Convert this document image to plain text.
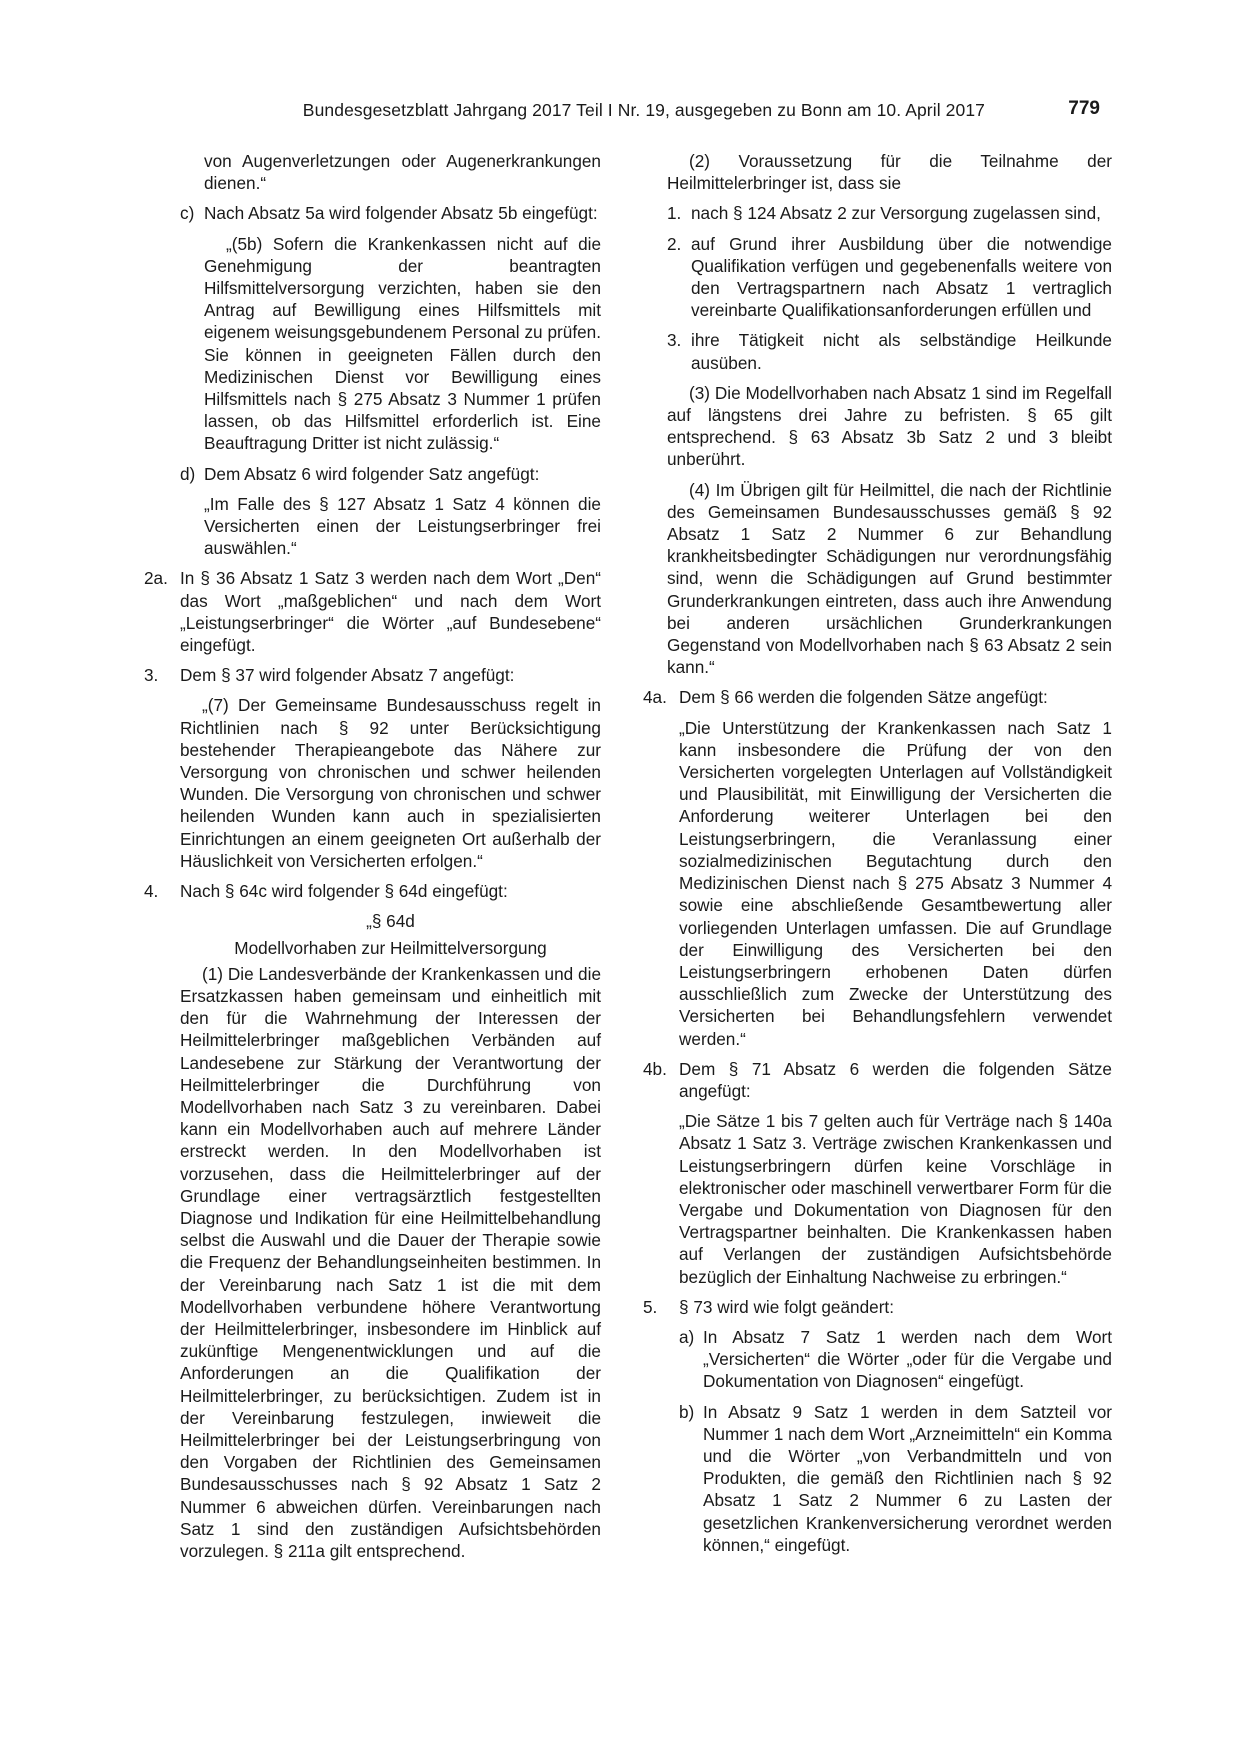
Bundesgesetzblatt Jahrgang 2017 Teil I Nr. 19, ausgegeben zu Bonn am 10. April 2017	779

von Augenverletzungen oder Augenerkrankungen dienen.“

c) Nach Absatz 5a wird folgender Absatz 5b eingefügt:

„(5b) Sofern die Krankenkassen nicht auf die Genehmigung der beantragten Hilfsmittelversorgung verzichten, haben sie den Antrag auf Bewilligung eines Hilfsmittels mit eigenem weisungsgebundenem Personal zu prüfen. Sie können in geeigneten Fällen durch den Medizinischen Dienst vor Bewilligung eines Hilfsmittels nach § 275 Absatz 3 Nummer 1 prüfen lassen, ob das Hilfsmittel erforderlich ist. Eine Beauftragung Dritter ist nicht zulässig.“

d) Dem Absatz 6 wird folgender Satz angefügt:

„Im Falle des § 127 Absatz 1 Satz 4 können die Versicherten einen der Leistungserbringer frei auswählen.“

2a. In § 36 Absatz 1 Satz 3 werden nach dem Wort „Den“ das Wort „maßgeblichen“ und nach dem Wort „Leistungserbringer“ die Wörter „auf Bundesebene“ eingefügt.
3.	Dem § 37 wird folgender Absatz 7 angefügt:

„(7) Der Gemeinsame Bundesausschuss regelt in Richtlinien nach § 92 unter Berücksichtigung bestehender Therapieangebote das Nähere zur Versorgung von chronischen und schwer heilenden Wunden. Die Versorgung von chronischen und schwer heilenden Wunden kann auch in spezialisierten Einrichtungen an einem geeigneten Ort außerhalb der Häuslichkeit von Versicherten erfolgen.“

4.	Nach § 64c wird folgender § 64d eingefügt:

„§ 64d

Modellvorhaben zur Heilmittelversorgung

(1) Die Landesverbände der Krankenkassen und die Ersatzkassen haben gemeinsam und einheitlich mit den für die Wahrnehmung der Interessen der Heilmittelerbringer maßgeblichen Verbänden auf Landesebene zur Stärkung der Verantwortung der Heilmittelerbringer die Durchführung von Modellvorhaben nach Satz 3 zu vereinbaren. Dabei kann ein Modellvorhaben auch auf mehrere Länder erstreckt werden. In den Modellvorhaben ist vorzusehen, dass die Heilmittelerbringer auf der Grundlage einer vertragsärztlich festgestellten Diagnose und Indikation für eine Heilmittelbehandlung selbst die Auswahl und die Dauer der Therapie sowie die Frequenz der Behandlungseinheiten bestimmen. In der Vereinbarung nach Satz 1 ist die mit dem Modellvorhaben verbundene höhere Verantwortung der Heilmittelerbringer, insbesondere im Hinblick auf zukünftige Mengenentwicklungen und auf die Anforderungen an die Qualifikation der Heilmittelerbringer, zu berücksichtigen. Zudem ist in der Vereinbarung festzulegen, inwieweit die Heilmittelerbringer bei der Leistungserbringung von den Vorgaben der Richtlinien des Gemeinsamen Bundesausschusses nach § 92 Absatz 1 Satz 2 Nummer 6 abweichen dürfen. Vereinbarungen nach Satz 1 sind den zuständigen Aufsichtsbehörden vorzulegen. § 211a gilt entsprechend.

(2) Voraussetzung für die Teilnahme der Heilmittelerbringer ist, dass sie

1. nach § 124 Absatz 2 zur Versorgung zugelassen sind,
2. auf Grund ihrer Ausbildung über die notwendige Qualifikation verfügen und gegebenenfalls weitere von den Vertragspartnern nach Absatz 1 vertraglich vereinbarte Qualifikationsanforderungen erfüllen und
3. ihre Tätigkeit nicht als selbständige Heilkunde ausüben.

(3) Die Modellvorhaben nach Absatz 1 sind im Regelfall auf längstens drei Jahre zu befristen. § 65 gilt entsprechend. § 63 Absatz 3b Satz 2 und 3 bleibt unberührt.

(4) Im Übrigen gilt für Heilmittel, die nach der Richtlinie des Gemeinsamen Bundesausschusses gemäß § 92 Absatz 1 Satz 2 Nummer 6 zur Behandlung krankheitsbedingter Schädigungen nur verordnungsfähig sind, wenn die Schädigungen auf Grund bestimmter Grunderkrankungen eintreten, dass auch ihre Anwendung bei anderen ursächlichen Grunderkrankungen Gegenstand von Modellvorhaben nach § 63 Absatz 2 sein kann.“

4a. Dem § 66 werden die folgenden Sätze angefügt:

„Die Unterstützung der Krankenkassen nach Satz 1 kann insbesondere die Prüfung der von den Versicherten vorgelegten Unterlagen auf Vollständigkeit und Plausibilität, mit Einwilligung der Versicherten die Anforderung weiterer Unterlagen bei den Leistungserbringern, die Veranlassung einer sozialmedizinischen Begutachtung durch den Medizinischen Dienst nach § 275 Absatz 3 Nummer 4 sowie eine abschließende Gesamtbewertung aller vorliegenden Unterlagen umfassen. Die auf Grundlage der Einwilligung des Versicherten bei den Leistungserbringern erhobenen Daten dürfen ausschließlich zum Zwecke der Unterstützung des Versicherten bei Behandlungsfehlern verwendet werden.“

4b. Dem § 71 Absatz 6 werden die folgenden Sätze angefügt:

„Die Sätze 1 bis 7 gelten auch für Verträge nach § 140a Absatz 1 Satz 3. Verträge zwischen Krankenkassen und Leistungserbringern dürfen keine Vorschläge in elektronischer oder maschinell verwertbarer Form für die Vergabe und Dokumentation von Diagnosen für den Vertragspartner beinhalten. Die Krankenkassen haben auf Verlangen der zuständigen Aufsichtsbehörde bezüglich der Einhaltung Nachweise zu erbringen.“

5.	§ 73 wird wie folgt geändert:
a) In Absatz 7 Satz 1 werden nach dem Wort „Versicherten“ die Wörter „oder für die Vergabe und Dokumentation von Diagnosen“ eingefügt.
b) In Absatz 9 Satz 1 werden in dem Satzteil vor Nummer 1 nach dem Wort „Arzneimitteln“ ein Komma und die Wörter „von Verbandmitteln und von Produkten, die gemäß den Richtlinien nach § 92 Absatz 1 Satz 2 Nummer 6 zu Lasten der gesetzlichen Krankenversicherung verordnet werden können,“ eingefügt.
